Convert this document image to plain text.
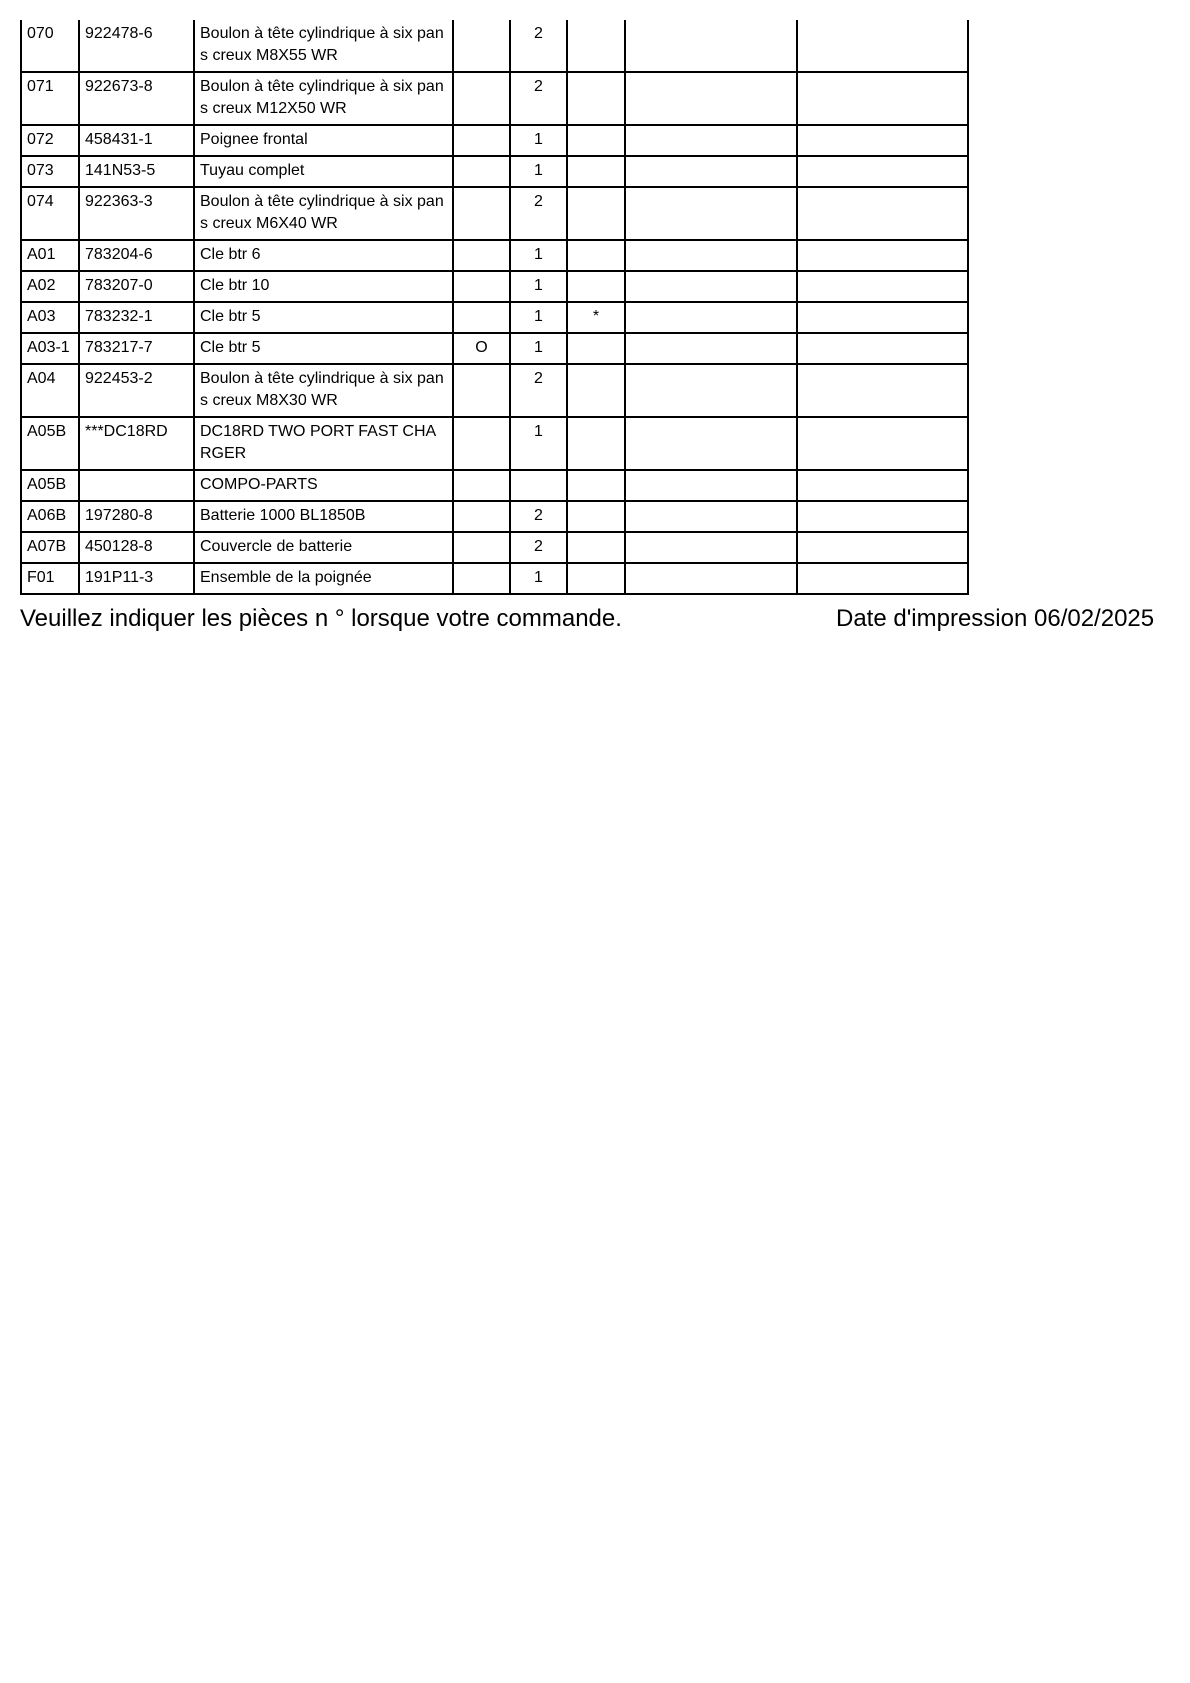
070	922478-6	Boulon à tête cylindrique à six pans creux M8X55 WR		2			
071	922673-8	Boulon à tête cylindrique à six pans creux M12X50 WR		2			
072	458431-1	Poignee frontal		1			
073	141N53-5	Tuyau complet		1			
074	922363-3	Boulon à tête cylindrique à six pans creux M6X40 WR		2			
A01	783204-6	Cle btr 6		1			
A02	783207-0	Cle btr 10		1			
A03	783232-1	Cle btr 5		1	*		
A03-1	783217-7	Cle btr 5	O	1			
A04	922453-2	Boulon à tête cylindrique à six pans creux M8X30 WR		2			
A05B	***DC18RD	DC18RD TWO PORT FAST CHARGER		1			
A05B		COMPO-PARTS					
A06B	197280-8	Batterie 1000 BL1850B		2			
A07B	450128-8	Couvercle de batterie		2			
F01	191P11-3	Ensemble de la poignée		1			
Veuillez indiquer les pièces n ° lorsque votre commande.	Date d'impression 06/02/2025
